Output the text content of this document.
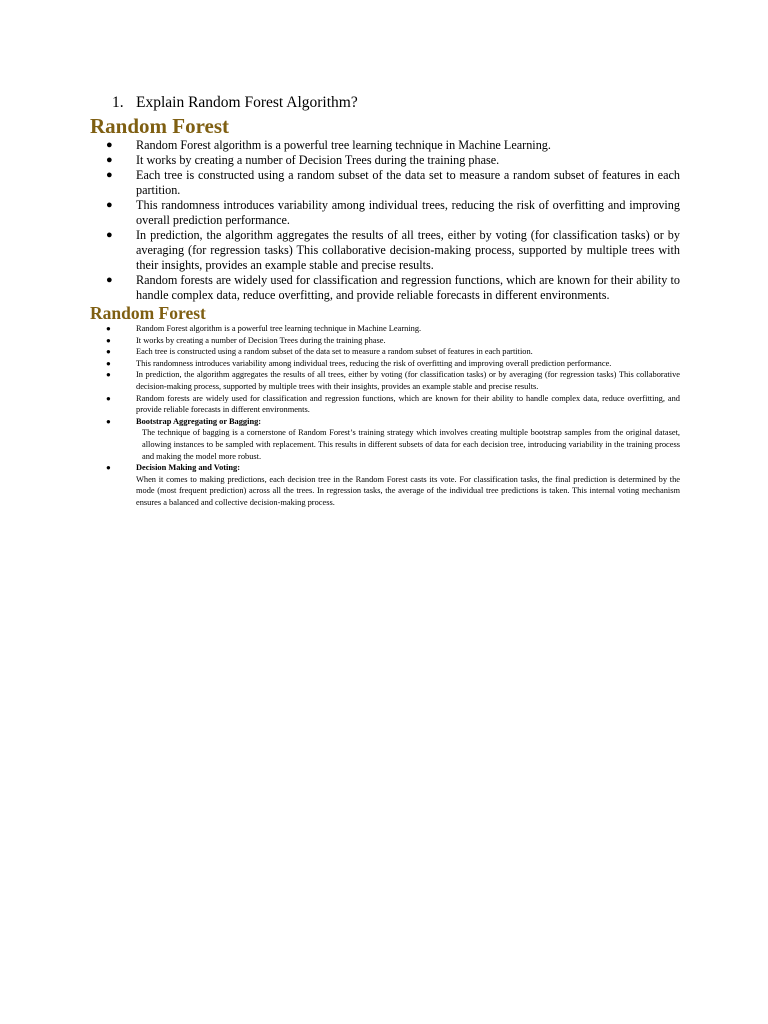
1. Explain Random Forest Algorithm?
Random Forest
● Random Forest algorithm is a powerful tree learning technique in Machine Learning.
● It works by creating a number of Decision Trees during the training phase.
● Each tree is constructed using a random subset of the data set to measure a random subset of features in each partition.
● This randomness introduces variability among individual trees, reducing the risk of overfitting and improving overall prediction performance.
● In prediction, the algorithm aggregates the results of all trees, either by voting (for classification tasks) or by averaging (for regression tasks) This collaborative decision-making process, supported by multiple trees with their insights, provides an example stable and precise results.
● Random forests are widely used for classification and regression functions, which are known for their ability to handle complex data, reduce overfitting, and provide reliable forecasts in different environments.
Random Forest
●	Random Forest algorithm is a powerful tree learning technique in Machine Learning.
●	It works by creating a number of Decision Trees during the training phase.
●	Each tree is constructed using a random subset of the data set to measure a random subset of features in each partition.
●	This randomness introduces variability among individual trees, reducing the risk of overfitting and improving overall prediction performance.
●	In prediction, the algorithm aggregates the results of all trees, either by voting (for classification tasks) or by averaging (for regression tasks) This collaborative decision-making process, supported by multiple trees with their insights, provides an example stable and precise results.
●	Random forests are widely used for classification and regression functions, which are known for their ability to handle complex data, reduce overfitting, and provide reliable forecasts in different environments.
●	Bootstrap Aggregating or Bagging:
The technique of bagging is a cornerstone of Random Forest’s training strategy which involves creating multiple bootstrap samples from the original dataset, allowing instances to be sampled with replacement. This results in different subsets of data for each decision tree, introducing variability in the training process and making the model more robust.
●	Decision Making and Voting:
When it comes to making predictions, each decision tree in the Random Forest casts its vote. For classification tasks, the final prediction is determined by the mode (most frequent prediction) across all the trees. In regression tasks, the average of the individual tree predictions is taken. This internal voting mechanism ensures a balanced and collective decision-making process.
